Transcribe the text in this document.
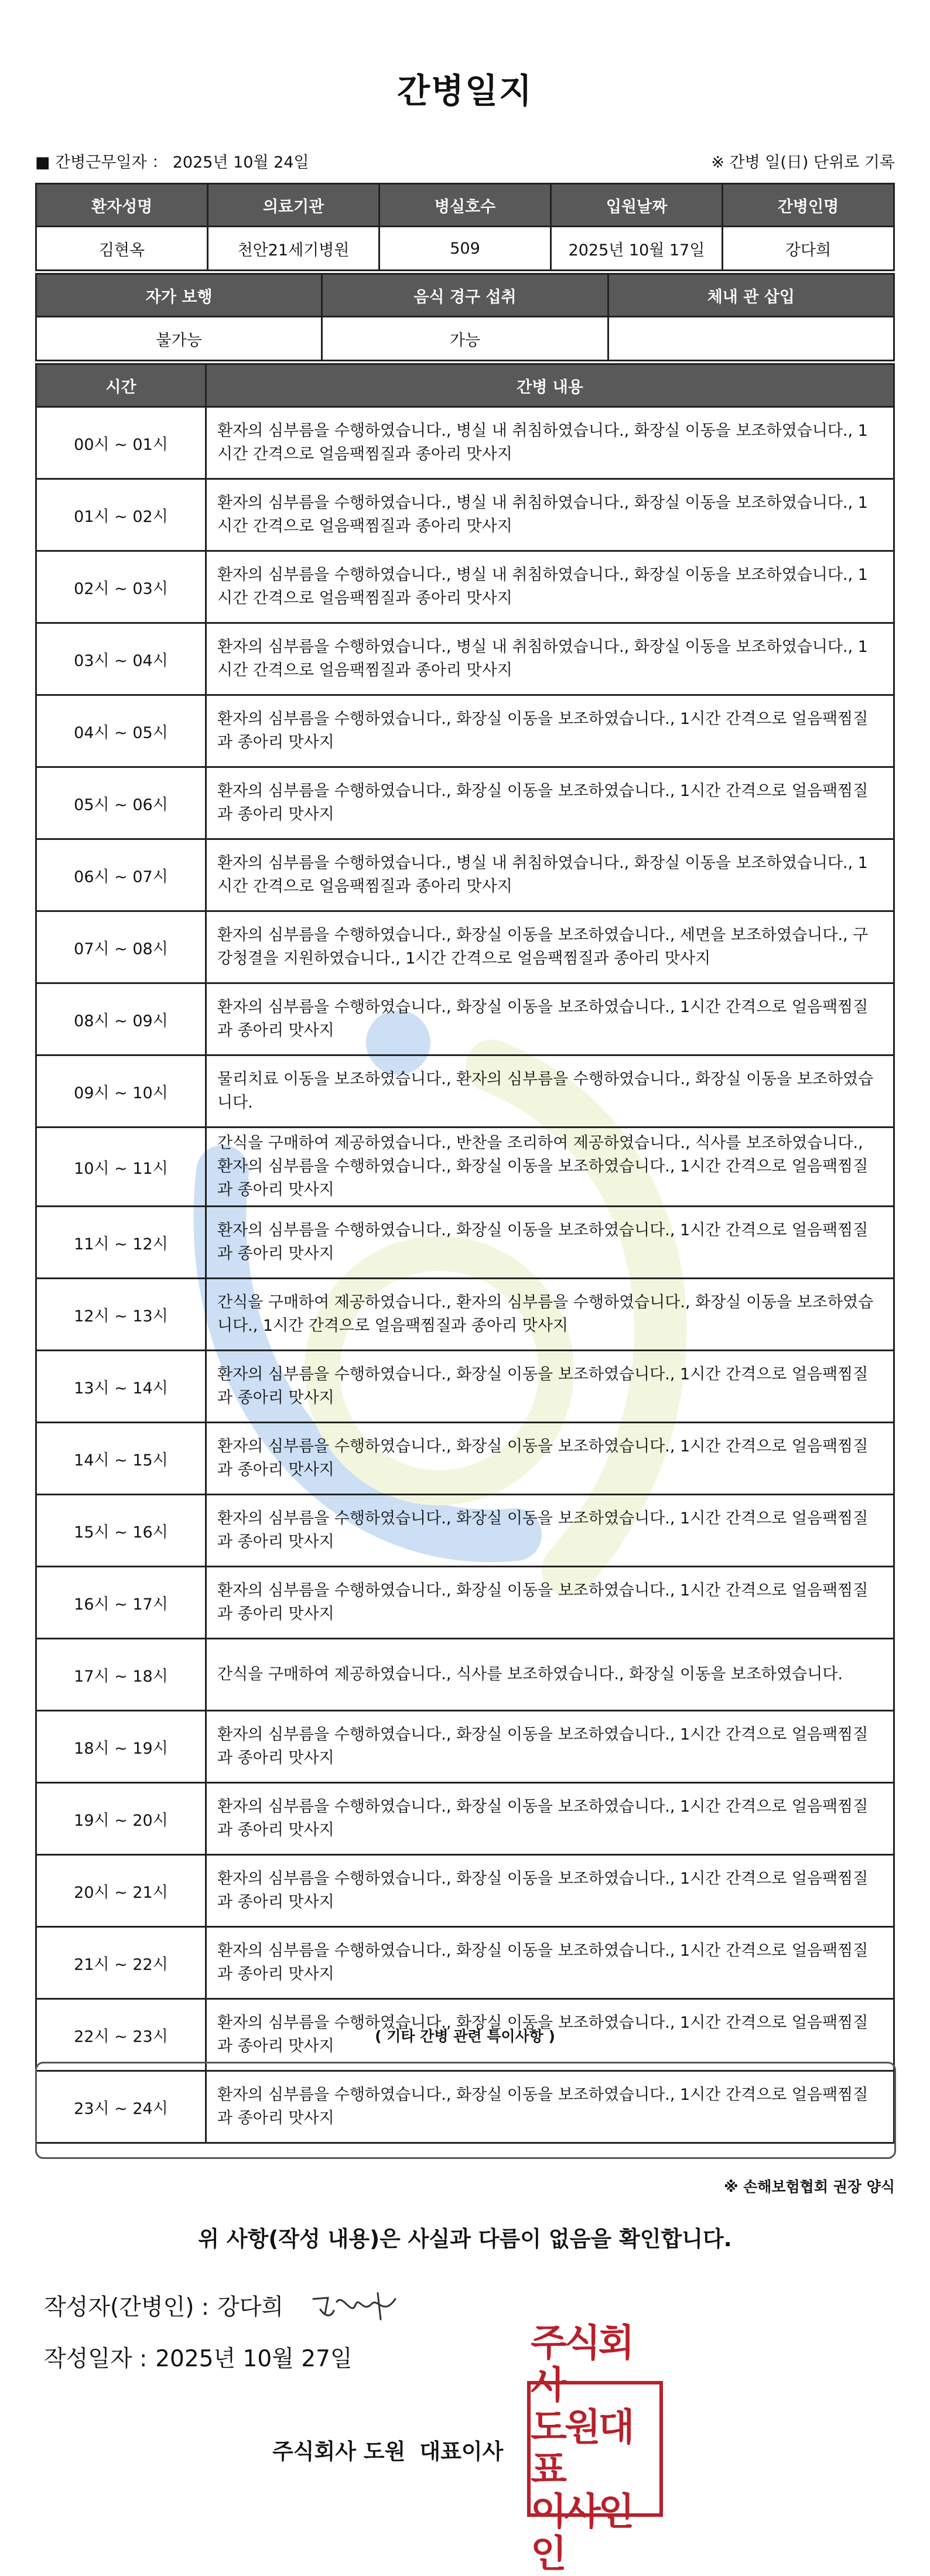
간병일지
■ 간병근무일자 ： 2025년 10월 24일	※ 간병 일(日) 단위로 기록
환자성명	의료기관	병실호수	입원날짜	간병인명
김현옥	천안21세기병원	509	2025년 10월 17일	강다희
자가 보행	음식 경구 섭취	체내 관 삽입
불가능	가능	
시간	간병 내용
00시 ~ 01시	환자의 심부름을 수행하였습니다., 병실 내 취침하였습니다., 화장실 이동을 보조하였습니다., 1시간 간격으로 얼음팩찜질과 종아리 맛사지
01시 ~ 02시	환자의 심부름을 수행하였습니다., 병실 내 취침하였습니다., 화장실 이동을 보조하였습니다., 1시간 간격으로 얼음팩찜질과 종아리 맛사지
02시 ~ 03시	환자의 심부름을 수행하였습니다., 병실 내 취침하였습니다., 화장실 이동을 보조하였습니다., 1시간 간격으로 얼음팩찜질과 종아리 맛사지
03시 ~ 04시	환자의 심부름을 수행하였습니다., 병실 내 취침하였습니다., 화장실 이동을 보조하였습니다., 1시간 간격으로 얼음팩찜질과 종아리 맛사지
04시 ~ 05시	환자의 심부름을 수행하였습니다., 화장실 이동을 보조하였습니다., 1시간 간격으로 얼음팩찜질과 종아리 맛사지
05시 ~ 06시	환자의 심부름을 수행하였습니다., 화장실 이동을 보조하였습니다., 1시간 간격으로 얼음팩찜질과 종아리 맛사지
06시 ~ 07시	환자의 심부름을 수행하였습니다., 병실 내 취침하였습니다., 화장실 이동을 보조하였습니다., 1시간 간격으로 얼음팩찜질과 종아리 맛사지
07시 ~ 08시	환자의 심부름을 수행하였습니다., 화장실 이동을 보조하였습니다., 세면을 보조하였습니다., 구강청결을 지원하였습니다., 1시간 간격으로 얼음팩찜질과 종아리 맛사지
08시 ~ 09시	환자의 심부름을 수행하였습니다., 화장실 이동을 보조하였습니다., 1시간 간격으로 얼음팩찜질과 종아리 맛사지
09시 ~ 10시	물리치료 이동을 보조하였습니다., 환자의 심부름을 수행하였습니다., 화장실 이동을 보조하였습니다.
10시 ~ 11시	간식을 구매하여 제공하였습니다., 반찬을 조리하여 제공하였습니다., 식사를 보조하였습니다., 환자의 심부름을 수행하였습니다., 화장실 이동을 보조하였습니다., 1시간 간격으로 얼음팩찜질과 종아리 맛사지
11시 ~ 12시	환자의 심부름을 수행하였습니다., 화장실 이동을 보조하였습니다., 1시간 간격으로 얼음팩찜질과 종아리 맛사지
12시 ~ 13시	간식을 구매하여 제공하였습니다., 환자의 심부름을 수행하였습니다., 화장실 이동을 보조하였습니다., 1시간 간격으로 얼음팩찜질과 종아리 맛사지
13시 ~ 14시	환자의 심부름을 수행하였습니다., 화장실 이동을 보조하였습니다., 1시간 간격으로 얼음팩찜질과 종아리 맛사지
14시 ~ 15시	환자의 심부름을 수행하였습니다., 화장실 이동을 보조하였습니다., 1시간 간격으로 얼음팩찜질과 종아리 맛사지
15시 ~ 16시	환자의 심부름을 수행하였습니다., 화장실 이동을 보조하였습니다., 1시간 간격으로 얼음팩찜질과 종아리 맛사지
16시 ~ 17시	환자의 심부름을 수행하였습니다., 화장실 이동을 보조하였습니다., 1시간 간격으로 얼음팩찜질과 종아리 맛사지
17시 ~ 18시	간식을 구매하여 제공하였습니다., 식사를 보조하였습니다., 화장실 이동을 보조하였습니다.
18시 ~ 19시	환자의 심부름을 수행하였습니다., 화장실 이동을 보조하였습니다., 1시간 간격으로 얼음팩찜질과 종아리 맛사지
19시 ~ 20시	환자의 심부름을 수행하였습니다., 화장실 이동을 보조하였습니다., 1시간 간격으로 얼음팩찜질과 종아리 맛사지
20시 ~ 21시	환자의 심부름을 수행하였습니다., 화장실 이동을 보조하였습니다., 1시간 간격으로 얼음팩찜질과 종아리 맛사지
21시 ~ 22시	환자의 심부름을 수행하였습니다., 화장실 이동을 보조하였습니다., 1시간 간격으로 얼음팩찜질과 종아리 맛사지
22시 ~ 23시	환자의 심부름을 수행하였습니다., 화장실 이동을 보조하였습니다., 1시간 간격으로 얼음팩찜질과 종아리 맛사지
23시 ~ 24시	환자의 심부름을 수행하였습니다., 화장실 이동을 보조하였습니다., 1시간 간격으로 얼음팩찜질과 종아리 맛사지
( 기타 간병 관련 특이사항 )
※ 손해보험협회 권장 양식
위 사항(작성 내용)은 사실과 다름이 없음을 확인합니다.
작성자(간병인) : 강다희
작성일자 : 2025년 10월 27일
주식회사 도원 대표이사
주식회사
도원대표
이사인인
